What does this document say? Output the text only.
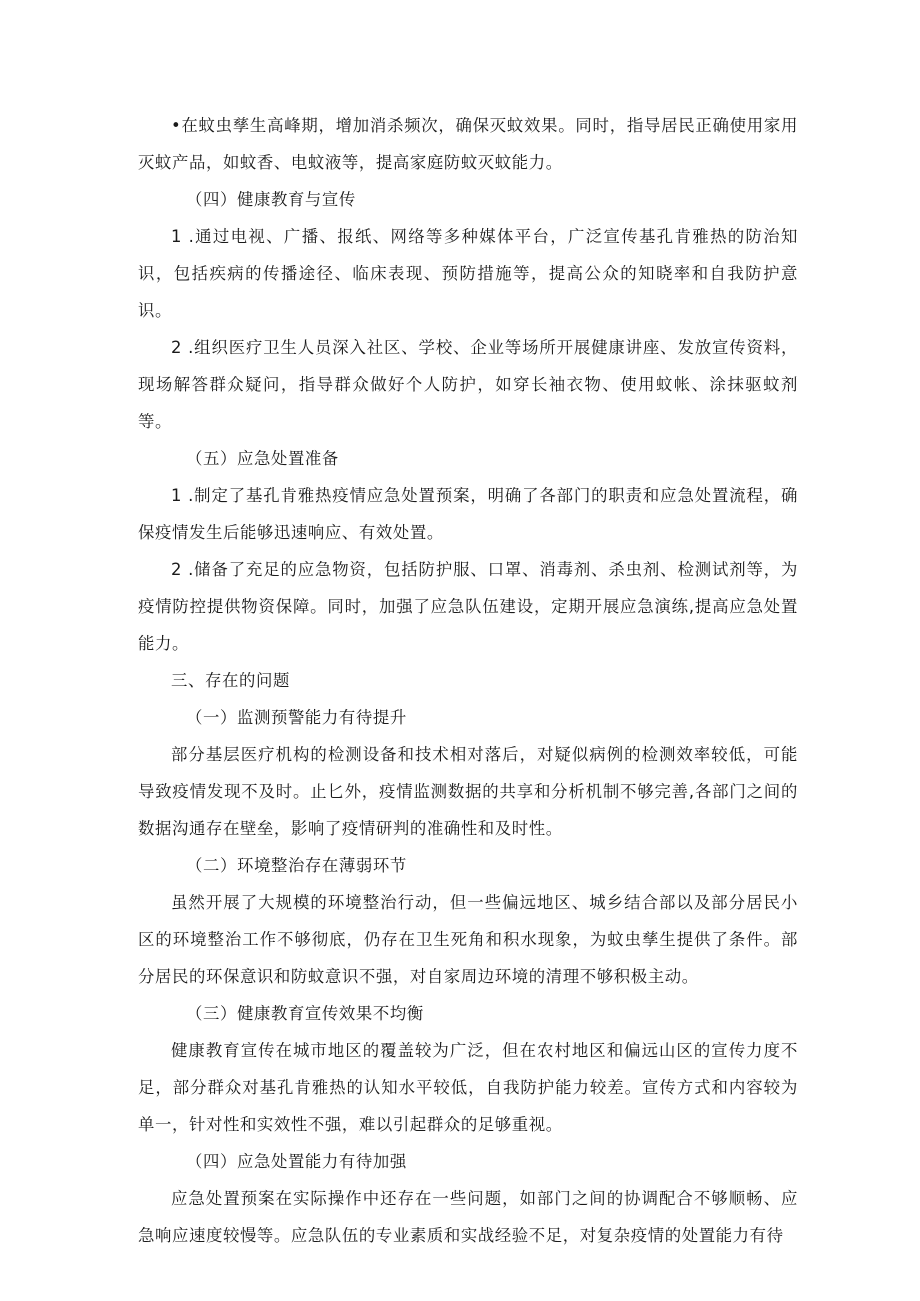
•在蚊虫孳生高峰期，增加消杀频次，确保灭蚊效果。同时，指导居民正确使用家用灭蚊产品，如蚊香、电蚊液等，提高家庭防蚊灭蚊能力。

（四）健康教育与宣传

1 .通过电视、广播、报纸、网络等多种媒体平台，广泛宣传基孔肯雅热的防治知识，包括疾病的传播途径、临床表现、预防措施等，提高公众的知晓率和自我防护意识。

2 .组织医疗卫生人员深入社区、学校、企业等场所开展健康讲座、发放宣传资料，现场解答群众疑问，指导群众做好个人防护，如穿长袖衣物、使用蚊帐、涂抹驱蚊剂等。

（五）应急处置准备

1 .制定了基孔肯雅热疫情应急处置预案，明确了各部门的职责和应急处置流程，确保疫情发生后能够迅速响应、有效处置。

2 .储备了充足的应急物资，包括防护服、口罩、消毒剂、杀虫剂、检测试剂等，为疫情防控提供物资保障。同时，加强了应急队伍建设，定期开展应急演练,提高应急处置能力。

三、存在的问题

（一）监测预警能力有待提升

部分基层医疗机构的检测设备和技术相对落后，对疑似病例的检测效率较低，可能导致疫情发现不及时。止匕外，疫情监测数据的共享和分析机制不够完善,各部门之间的数据沟通存在壁垒，影响了疫情研判的准确性和及时性。

（二）环境整治存在薄弱环节

虽然开展了大规模的环境整治行动，但一些偏远地区、城乡结合部以及部分居民小区的环境整治工作不够彻底，仍存在卫生死角和积水现象，为蚊虫孳生提供了条件。部分居民的环保意识和防蚊意识不强，对自家周边环境的清理不够积极主动。

（三）健康教育宣传效果不均衡

健康教育宣传在城市地区的覆盖较为广泛，但在农村地区和偏远山区的宣传力度不足，部分群众对基孔肯雅热的认知水平较低，自我防护能力较差。宣传方式和内容较为单一，针对性和实效性不强，难以引起群众的足够重视。

（四）应急处置能力有待加强

应急处置预案在实际操作中还存在一些问题，如部门之间的协调配合不够顺畅、应急响应速度较慢等。应急队伍的专业素质和实战经验不足，对复杂疫情的处置能力有待
